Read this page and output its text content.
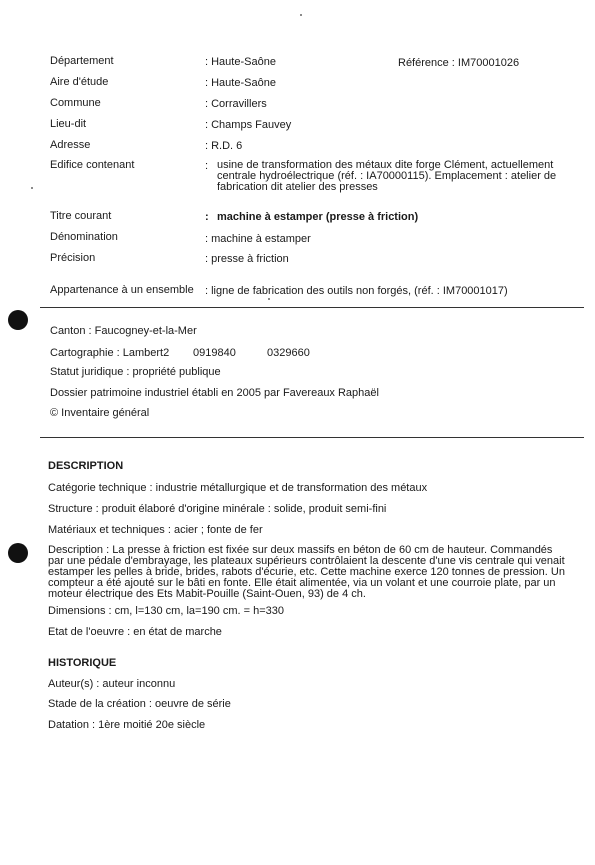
Département	: Haute-Saône	Référence : IM70001026
Aire d'étude	: Haute-Saône
Commune	: Corravillers
Lieu-dit	: Champs Fauvey
Adresse	: R.D. 6
Edifice contenant	: usine de transformation des métaux dite forge Clément, actuellement centrale hydroélectrique (réf. : IA70000115). Emplacement : atelier de fabrication dit atelier des presses
Titre courant	: machine à estamper (presse à friction)
Dénomination	: machine à estamper
Précision	: presse à friction
Appartenance à un ensemble : ligne de fabrication des outils non forgés, (réf. : IM70001017)
Canton : Faucogney-et-la-Mer
Cartographie : Lambert2 0919840	0329660
Statut juridique : propriété publique
Dossier patrimoine industriel établi en 2005 par Favereaux Raphaël
© Inventaire général
DESCRIPTION
Catégorie technique : industrie métallurgique et de transformation des métaux
Structure : produit élaboré d'origine minérale : solide, produit semi-fini
Matériaux et techniques : acier ; fonte de fer
Description : La presse à friction est fixée sur deux massifs en béton de 60 cm de hauteur. Commandés par une pédale d'embrayage, les plateaux supérieurs contrôlaient la descente d'une vis centrale qui venait estamper les pelles à bride, brides, rabots d'écurie, etc. Cette machine exerce 120 tonnes de pression. Un compteur a été ajouté sur le bâti en fonte. Elle était alimentée, via un volant et une courroie plate, par un moteur électrique des Ets Mabit-Pouille (Saint-Ouen, 93) de 4 ch.
Dimensions : cm, l=130 cm, la=190 cm. = h=330
Etat de l'oeuvre : en état de marche
HISTORIQUE
Auteur(s) : auteur inconnu
Stade de la création : oeuvre de série
Datation : 1ère moitié 20e siècle
